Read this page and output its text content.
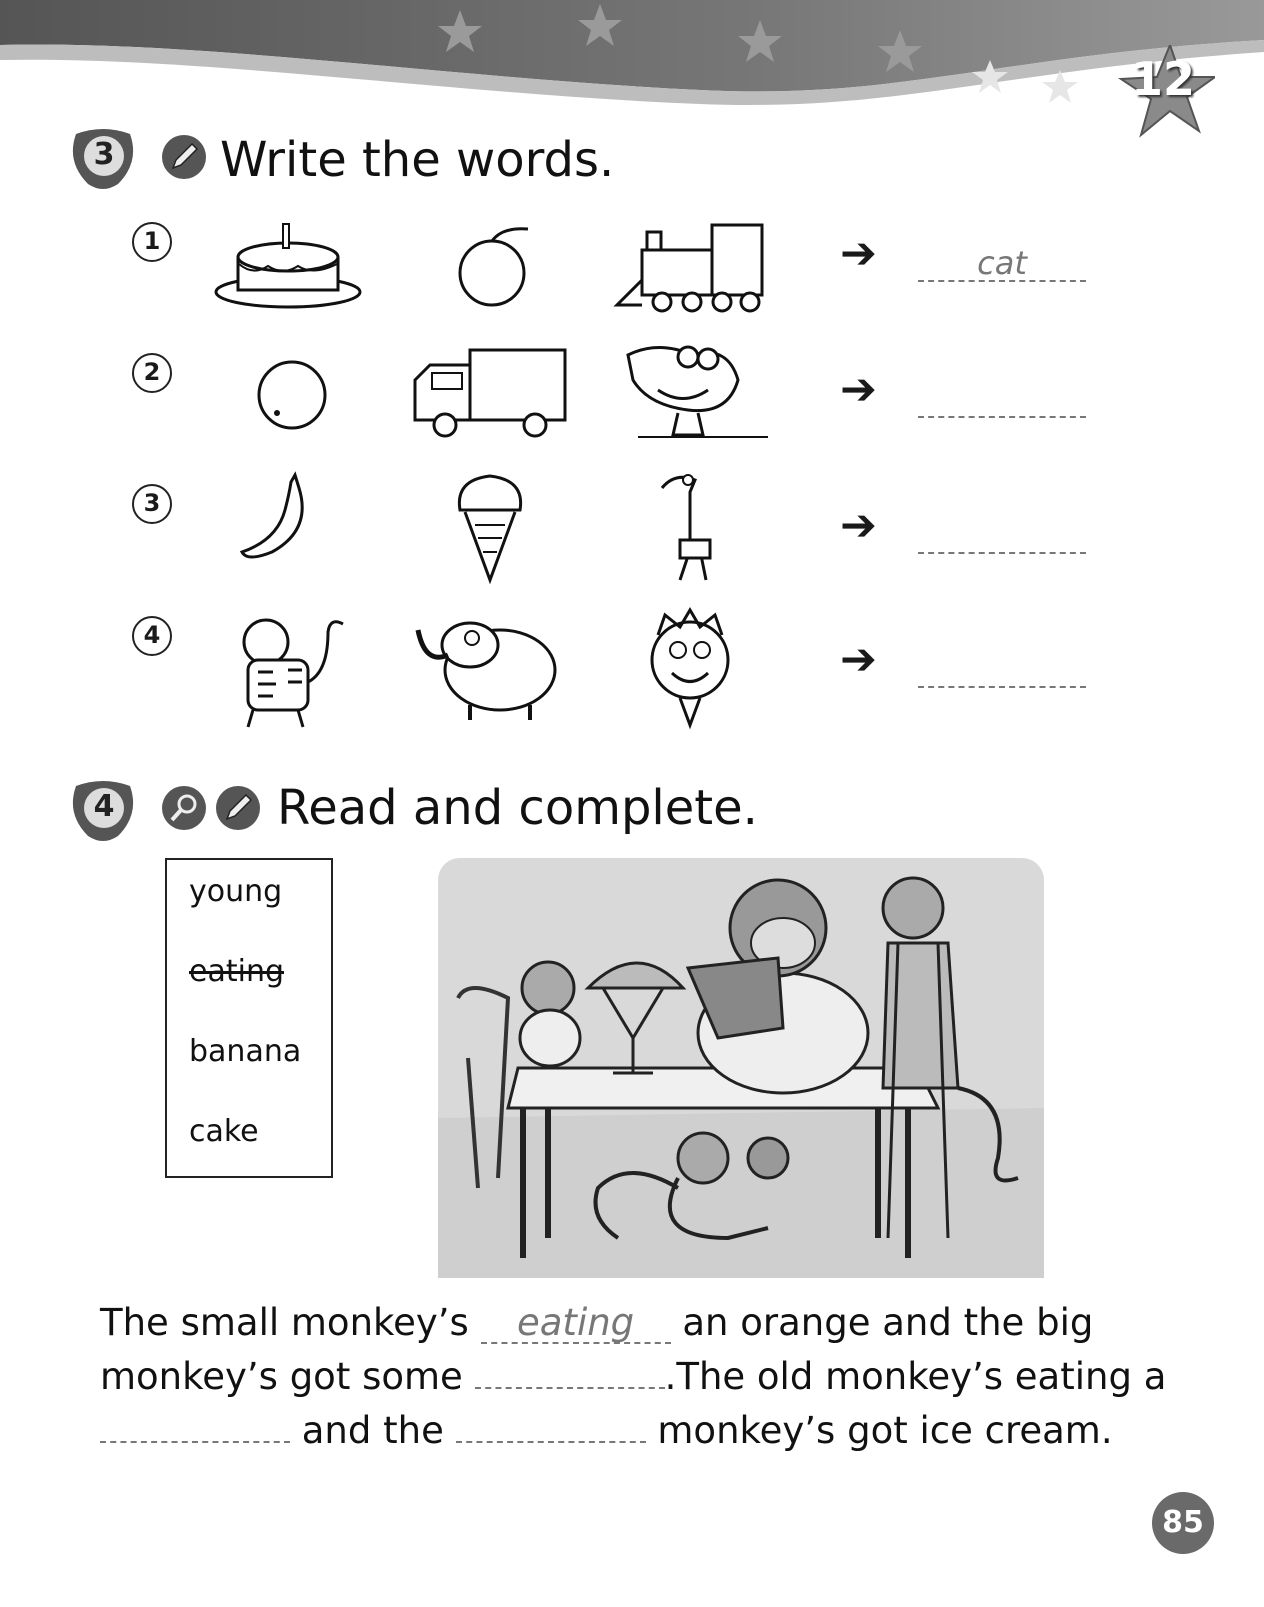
12
3	Write the words.
1	➔	cat
2	➔
3	➔
4	➔
4	Read and complete.
young
eating
banana
cake
The small monkey’s eating an orange and the big monkey’s got some	.The old monkey’s eating a  and the	monkey’s got ice cream.
85
